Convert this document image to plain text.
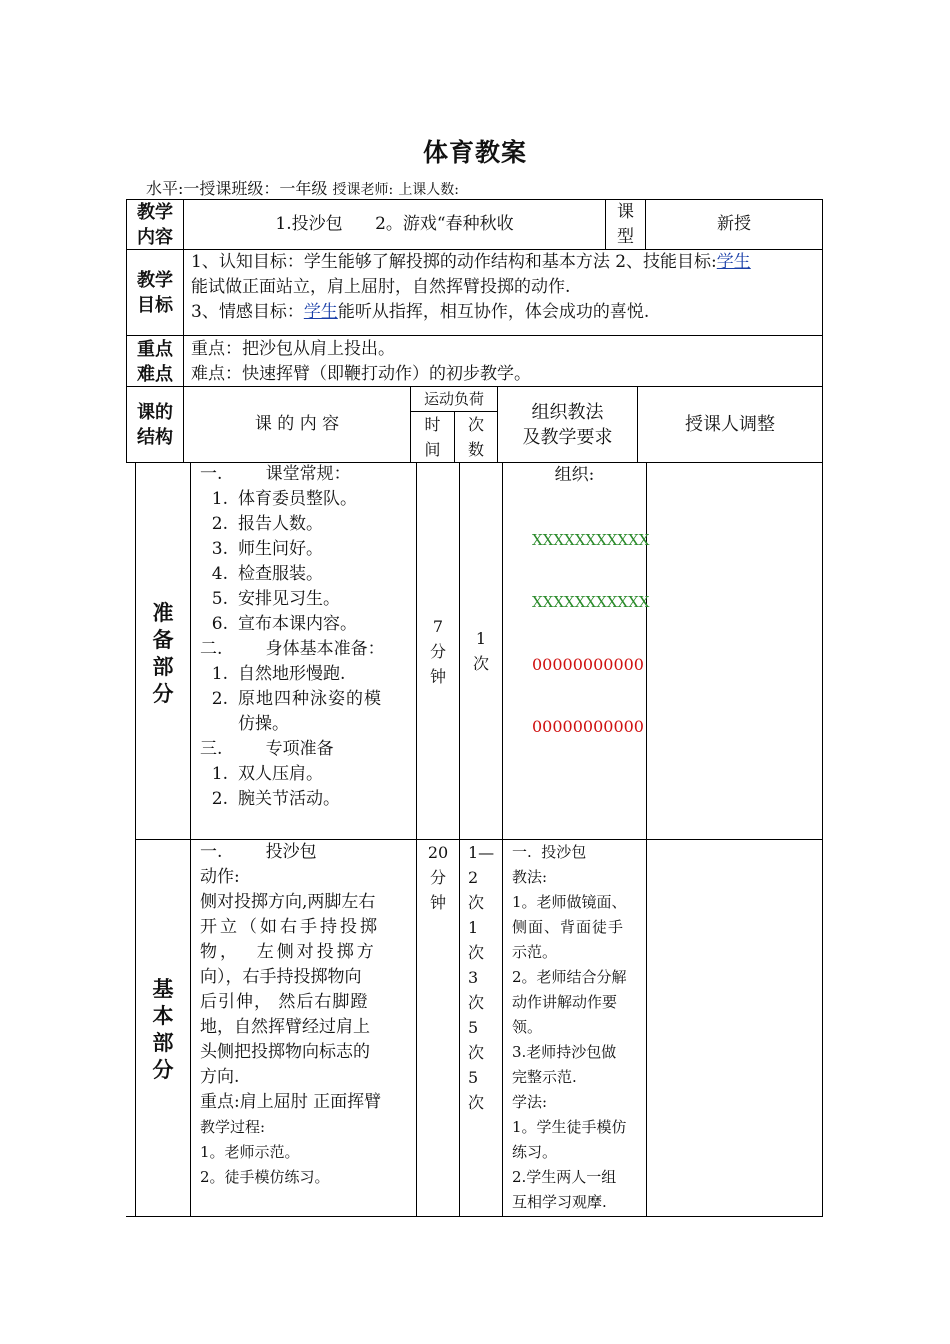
体育教案
水平:一授课班级：一年级 授课老师: 上课人数:
教学
内容
1.投沙包      2。游戏“春种秋收
课
型
新授
教学
目标
1、认知目标：学生能够了解投掷的动作结构和基本方法 2、技能目标:学生
能试做正面站立，肩上屈肘，自然挥臂投掷的动作.
3、情感目标：学生能听从指挥，相互协作，体会成功的喜悦.
重点
难点
重点：把沙包从肩上投出。
难点：快速挥臂（即鞭打动作）的初步教学。
课的
结构
课 的 内 容
运动负荷
时
间
次
数
组织教法
及教学要求
授课人调整
准
备
部
分
一.        课堂常规：
1. 体育委员整队。
2. 报告人数。
3. 师生问好。
4. 检查服装。
5. 安排见习生。
6. 宣布本课内容。
二.        身体基本准备：
1. 自然地形慢跑.
2. 原地四种泳姿的模
仿操。
三.        专项准备
1. 双人压肩。
2. 腕关节活动。
7
分
钟
1
次
组织:
XXXXXXXXXXX
XXXXXXXXXXX
00000000000
00000000000
基
本
部
分
一.        投沙包
动作:
侧对投掷方向,两脚左右
开立（如右手持投掷
物，  左侧对投掷方
向），右手持投掷物向
后引伸， 然后右脚蹬
地，自然挥臂经过肩上
头侧把投掷物向标志的
方向.
重点:肩上屈肘 正面挥臂
教学过程:
1。老师示范。
2。徒手模仿练习。
20
分
钟
1—
2
次
1
次
3
次
5
次
5
次
一.  投沙包
教法:
1。老师做镜面、
侧面、背面徒手
示范。
2。老师结合分解
动作讲解动作要
领。
3.老师持沙包做
完整示范.
学法:
1。学生徒手模仿
练习。
2.学生两人一组
互相学习观摩.
